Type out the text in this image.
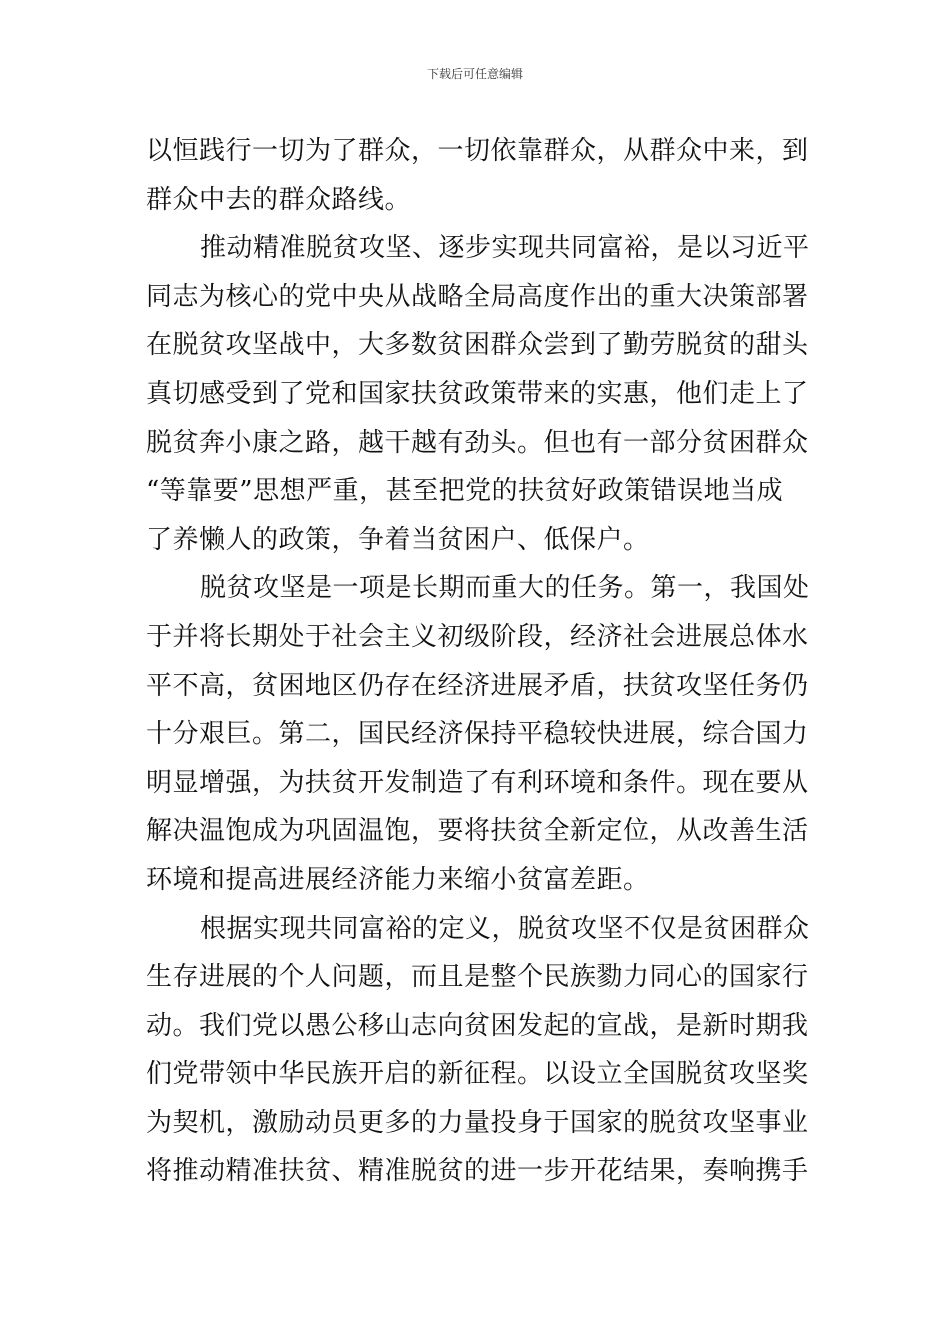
下载后可任意编辑
以恒践行一切为了群众，一切依靠群众，从群众中来，到
群众中去的群众路线。
推动精准脱贫攻坚、逐步实现共同富裕，是以习近平
同志为核心的党中央从战略全局高度作出的重大决策部署
在脱贫攻坚战中，大多数贫困群众尝到了勤劳脱贫的甜头
真切感受到了党和国家扶贫政策带来的实惠，他们走上了
脱贫奔小康之路，越干越有劲头。但也有一部分贫困群众
“等靠要”思想严重，甚至把党的扶贫好政策错误地当成
了养懒人的政策，争着当贫困户、低保户。
脱贫攻坚是一项是长期而重大的任务。第一，我国处
于并将长期处于社会主义初级阶段，经济社会进展总体水
平不高，贫困地区仍存在经济进展矛盾，扶贫攻坚任务仍
十分艰巨。第二，国民经济保持平稳较快进展，综合国力
明显增强，为扶贫开发制造了有利环境和条件。现在要从
解决温饱成为巩固温饱，要将扶贫全新定位，从改善生活
环境和提高进展经济能力来缩小贫富差距。
根据实现共同富裕的定义，脱贫攻坚不仅是贫困群众
生存进展的个人问题，而且是整个民族勠力同心的国家行
动。我们党以愚公移山志向贫困发起的宣战，是新时期我
们党带领中华民族开启的新征程。以设立全国脱贫攻坚奖
为契机，激励动员更多的力量投身于国家的脱贫攻坚事业
将推动精准扶贫、精准脱贫的进一步开花结果，奏响携手
